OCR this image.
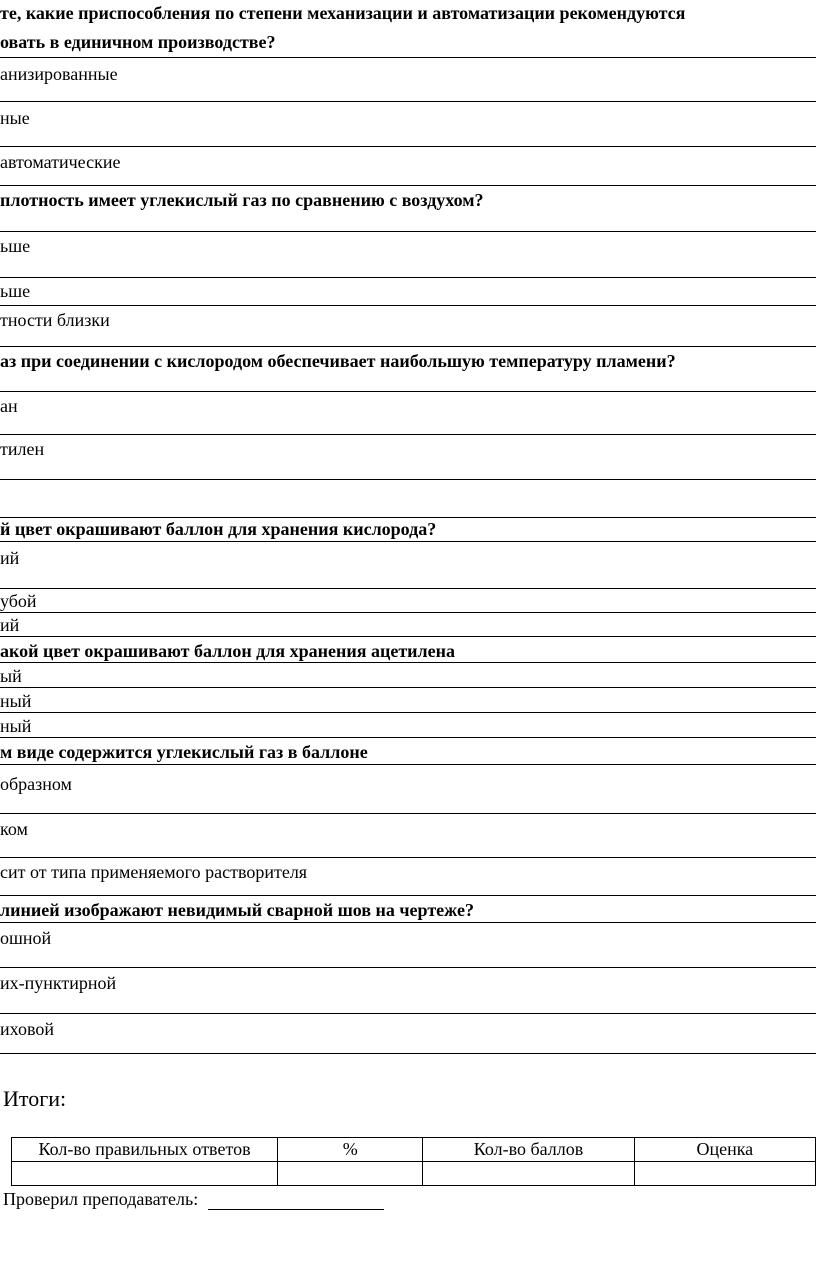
те, какие приспособления по степени механизации и автоматизации рекомендуются
овать в единичном производстве?
анизированные
ные
автоматические
плотность имеет углекислый газ по сравнению с воздухом?
ьше
ьше
тности близки
аз при соединении с кислородом обеспечивает наибольшую температуру пламени?
ан
тилен
й цвет окрашивают баллон для хранения кислорода?
ий
убой
ий
акой цвет окрашивают баллон для хранения ацетилена
ый
ный
ный
м виде содержится углекислый газ в баллоне
образном
ком
сит от типа применяемого растворителя
линией изображают невидимый сварной шов на чертеже?
ошной
их-пунктирной
иховой
Итоги:
Кол-во правильных ответов	%	Кол-во баллов	Оценка

Проверил преподаватель:
